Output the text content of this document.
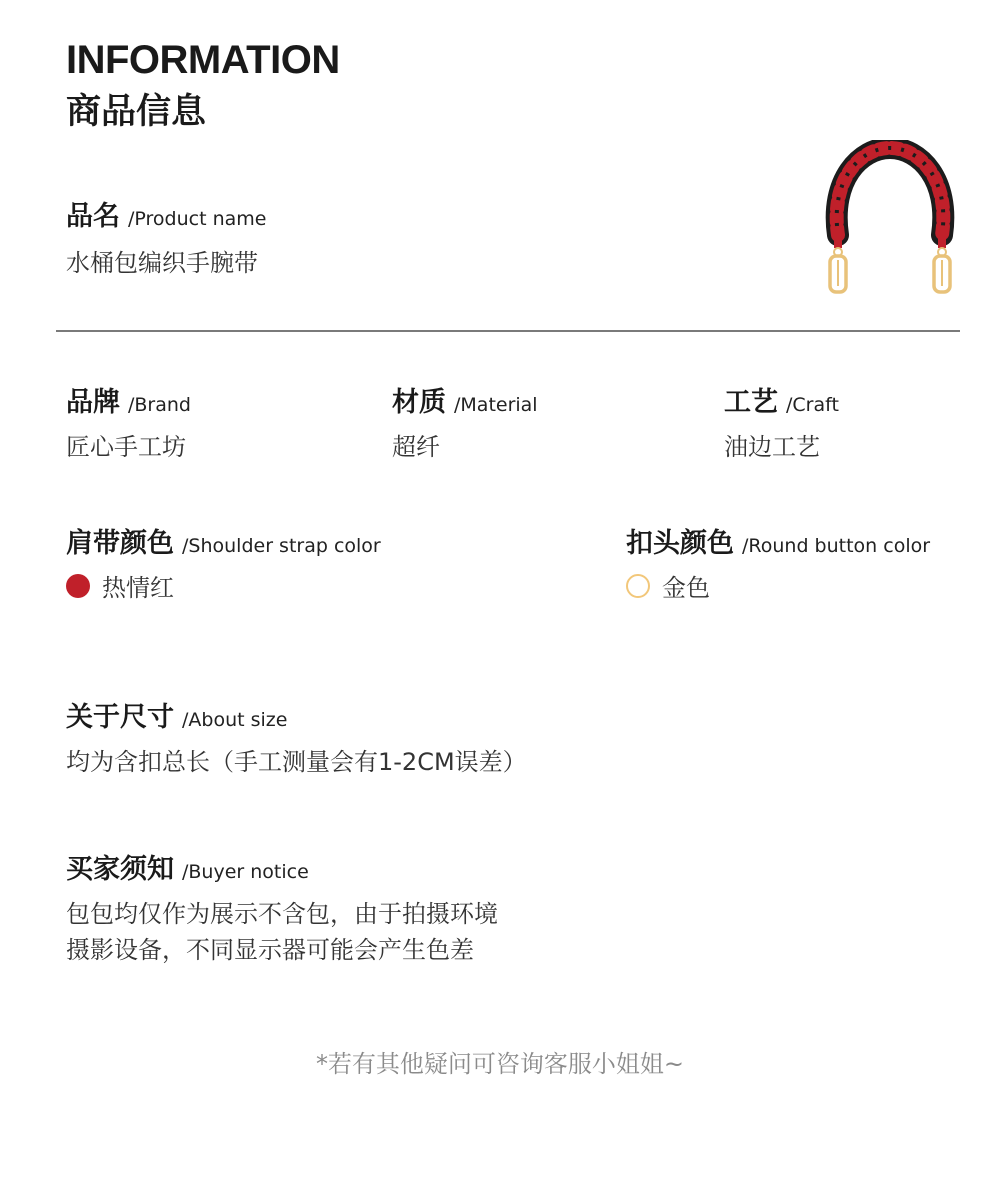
INFORMATION
商品信息
品名 /Product name
水桶包编织手腕带
品牌 /Brand
匠心手工坊
材质 /Material
超纤
工艺 /Craft
油边工艺
肩带颜色 /Shoulder strap color
热情红
扣头颜色 /Round button color
金色
关于尺寸 /About size
均为含扣总长（手工测量会有1-2CM误差）
买家须知 /Buyer notice
包包均仅作为展示不含包，由于拍摄环境
摄影设备，不同显示器可能会产生色差
*若有其他疑问可咨询客服小姐姐~
